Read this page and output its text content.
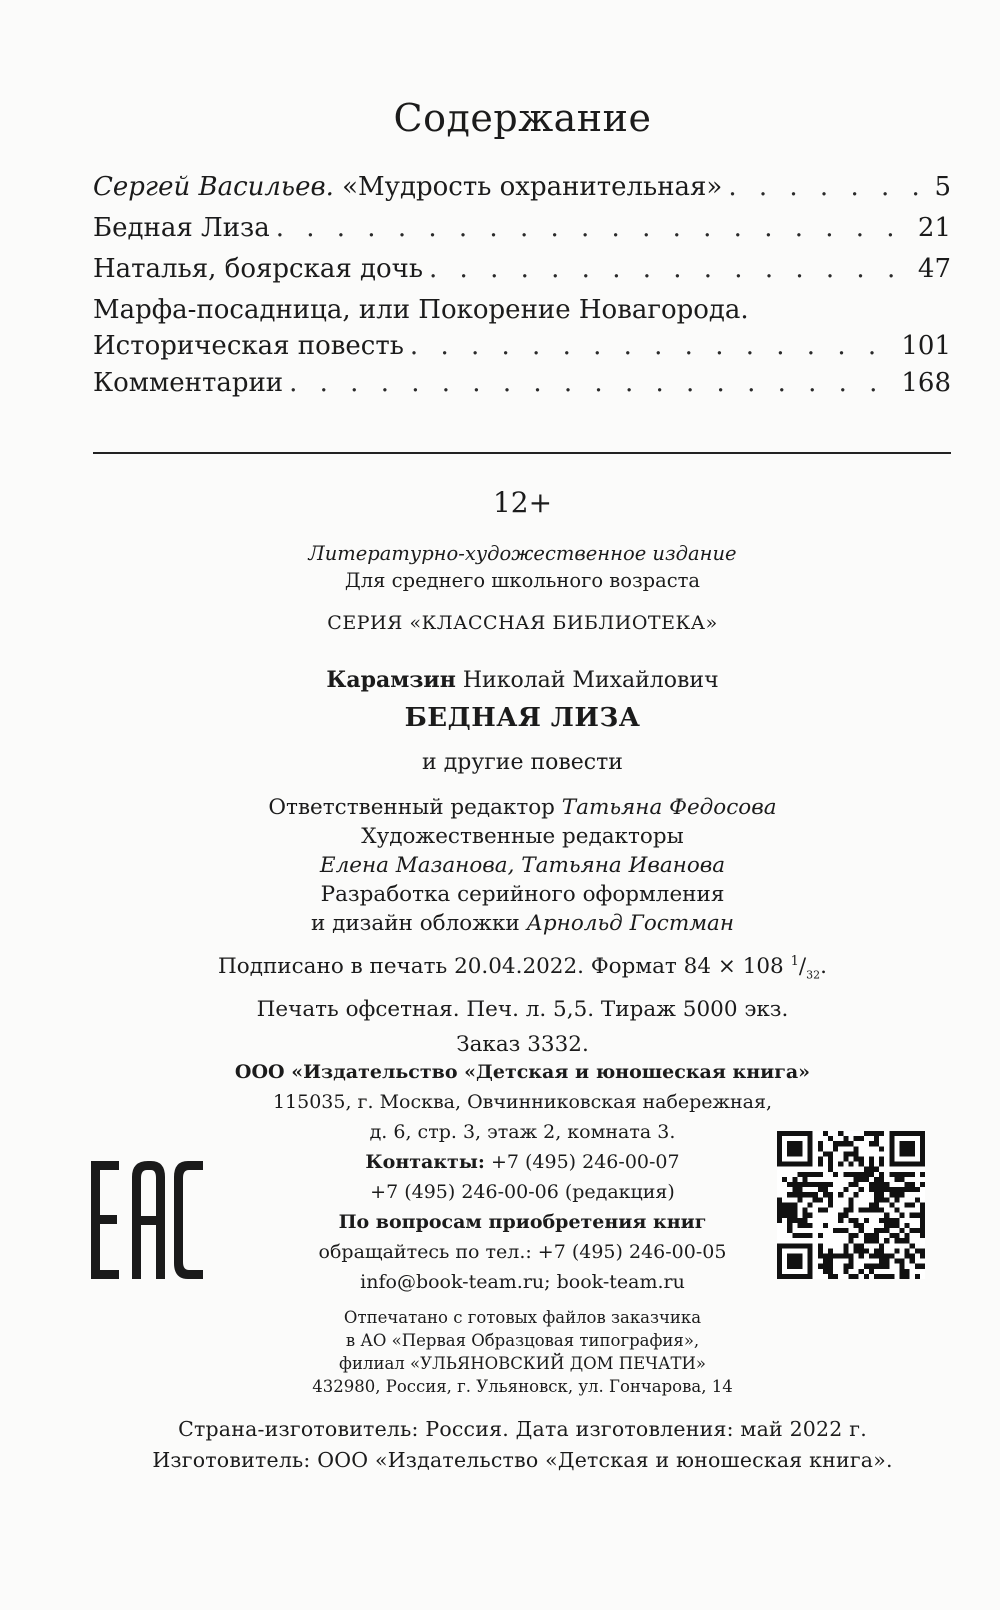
Содержание
Сергей Васильев. «Мудрость охранительная» . . .	5
Бедная Лиза . . .	21
Наталья, боярская дочь . . .	47
Марфа-посадница, или Покорение Новагорода.
Историческая повесть . . .	101
Комментарии . . .	168
12+
Литературно-художественное издание
Для среднего школьного возраста
СЕРИЯ «КЛАССНАЯ БИБЛИОТЕКА»
Карамзин Николай Михайлович
БЕДНАЯ ЛИЗА
и другие повести
Ответственный редактор Татьяна Федосова
Художественные редакторы
Елена Мазанова, Татьяна Иванова
Разработка серийного оформления
и дизайн обложки Арнольд Гостман
Подписано в печать 20.04.2022. Формат 84 × 108 $^1/_{32}$.
Печать офсетная. Печ. л. 5,5. Тираж 5000 экз.
Заказ 3332.
ООО «Издательство «Детская и юношеская книга»
115035, г. Москва, Овчинниковская набережная,
д. 6, стр. 3, этаж 2, комната 3.
Контакты: +7 (495) 246-00-07
+7 (495) 246-00-06 (редакция)
По вопросам приобретения книг
обращайтесь по тел.: +7 (495) 246-00-05
info@book-team.ru; book-team.ru
Отпечатано с готовых файлов заказчика
в АО «Первая Образцовая типография»,
филиал «УЛЬЯНОВСКИЙ ДОМ ПЕЧАТИ»
432980, Россия, г. Ульяновск, ул. Гончарова, 14
Страна-изготовитель: Россия. Дата изготовления: май 2022 г.
Изготовитель: ООО «Издательство «Детская и юношеская книга».
